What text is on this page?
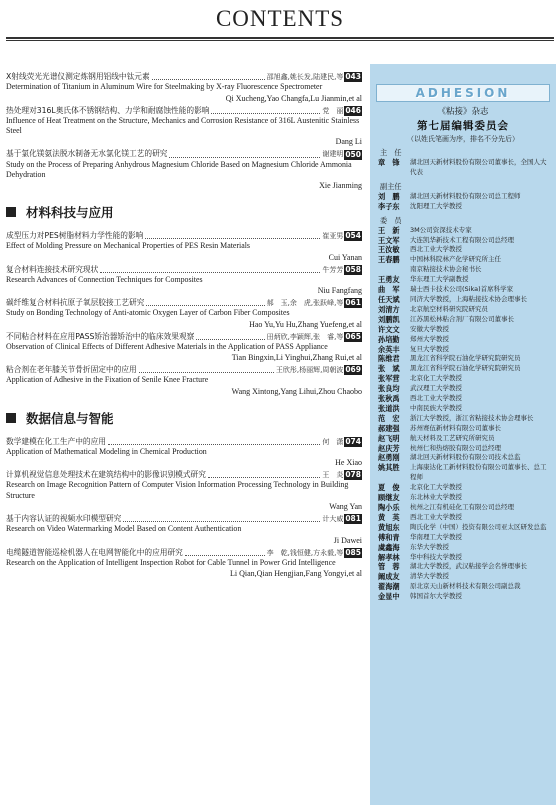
CONTENTS
X射线荧光光谱仪测定炼钢用铝线中钛元素	邵旭鑫,姚长发,陆建民,等 043
Determination of Titanium in Aluminum Wire for Steelmaking by X-ray Fluorescence Spectrometer
Qi Xucheng,Yao Changfa,Lu Jianmin,et al
热处理对316L奥氏体不锈钢结构、力学和耐腐蚀性能的影响	党　丽 046
Influence of Heat Treatment on the Structure, Mechanics and Corrosion Resistance of 316L Austenitic Stainless Steel
Dang Li
基于氯化镁氨法脱水制备无水氯化镁工艺的研究	谢建明 050
Study on the Process of Preparing Anhydrous Magnesium Chloride Based on Magnesium Chloride Ammonia Dehydration
Xie Jianming
材料科技与应用
成型压力对PES树脂材料力学性能的影响	崔亚男 054
Effect of Molding Pressure on Mechanical Properties of PES Resin Materials
Cui Yanan
复合材料连接技术研究现状	牛芳芳 058
Research Advances of Connection Techniques for Composites
Niu Fangfang
碳纤维复合材料抗原子氧层胶接工艺研究	郝　玉,余　虎,张跃峰,等 061
Study on Bonding Technology of Anti-atomic Oxygen Layer of Carbon Fiber Composites
Hao Yu,Yu Hu,Zhang Yuefeng,et al
不同粘合材料在应用PASS矫治器矫治中的临床效果观察	田炳欣,李颖辉,张　睿,等 065
Observation of Clinical Effects of Different Adhesive Materials in the Application of PASS Appliance
Tian Bingxin,Li Yinghui,Zhang Rui,et al
粘合剂在老年膝关节骨折固定中的应用	王欣彤,杨丽辉,周朝波 069
Application of Adhesive in the Fixation of Senile Knee Fracture
Wang Xintong,Yang Lihui,Zhou Chaobo
数据信息与智能
数学建模在化工生产中的应用	何　潇 074
Application of Mathematical Modeling in Chemical Production
He Xiao
计算机视觉信息处理技术在建筑结构中的影像识别模式研究	王　炎 078
Research on Image Recognition Pattern of Computer Vision Information Processing Technology in Building Structure
Wang Yan
基于内容认证的视频水印模型研究	计大威 081
Research on Video Watermarking Model Based on Content Authentication
Ji Dawei
电缆隧道智能巡检机器人在电网智能化中的应用研究	李　乾,钱恒健,方永毅,等 085
Research on the Application of Intelligent Inspection Robot for Cable Tunnel in Power Grid Intelligence
Li Qian,Qian Hengjian,Fang Yongyi,et al
ADHESION
《粘接》杂志
第七届编辑委员会
（以姓氏笔画为序，排名不分先后）
主　任
章　锋	湖北回天新材料股份有限公司董事长，全国人大代表
副主任
刘　鹏	湖北回天新材料股份有限公司总工程师
李子东	沈阳理工大学教授
委　员
王　新	3M公司资深技术专家
王文军	大连凯华新技术工程有限公司总经理
王汝敏	西北工业大学教授
王春鹏	中国林科院林产化学研究所主任
南京粘接技术协会秘书长
王勇友	华东理工大学副教授
曲　军	瑞士西卡技术公司(Sika)首席科学家
任天斌	同济大学教授，上海粘接技术协会理事长
刘清方	北京航空材料研究院研究员
刘鹏凯	江苏黑松林粘合剂厂有限公司董事长
许文文	安徽大学教授
孙培勤	郑州大学教授
余英丰	复旦大学教授
陈维君	黑龙江省科学院石油化学研究院研究员
张　斌	黑龙江省科学院石油化学研究院研究员
张军营	北京化工大学教授
张良均	武汉理工大学教授
张秋禹	西北工业大学教授
张道洪	中南民族大学教授
范　宏	浙江大学教授，浙江省粘接技术协会理事长
郝建强	苏州赛伍新材料有限公司董事长
赵飞明	航天材料及工艺研究所研究员
赵庆芳	杭州仁和热熔胶有限公司总经理
赵勇刚	湖北回天新材料股份有限公司技术总监
姚其胜	上海康达化工新材料股份有限公司董事长、总工程师
夏　俊	北京化工大学教授
顾继友	东北林业大学教授
陶小乐	杭州之江有机硅化工有限公司总经理
黄　英	西北工业大学教授
黄旭东	陶氏化学（中国）投资有限公司亚太区研发总监
傅和青	华南理工大学教授
虞鑫海	东华大学教授
解孝林	华中科技大学教授
管　蓉	湖北大学教授，武汉粘接学会名誉理事长
阚成友	清华大学教授
翟海潮	原北京天山新材料技术有限公司副总裁
金显中	韩国首尔大学教授
